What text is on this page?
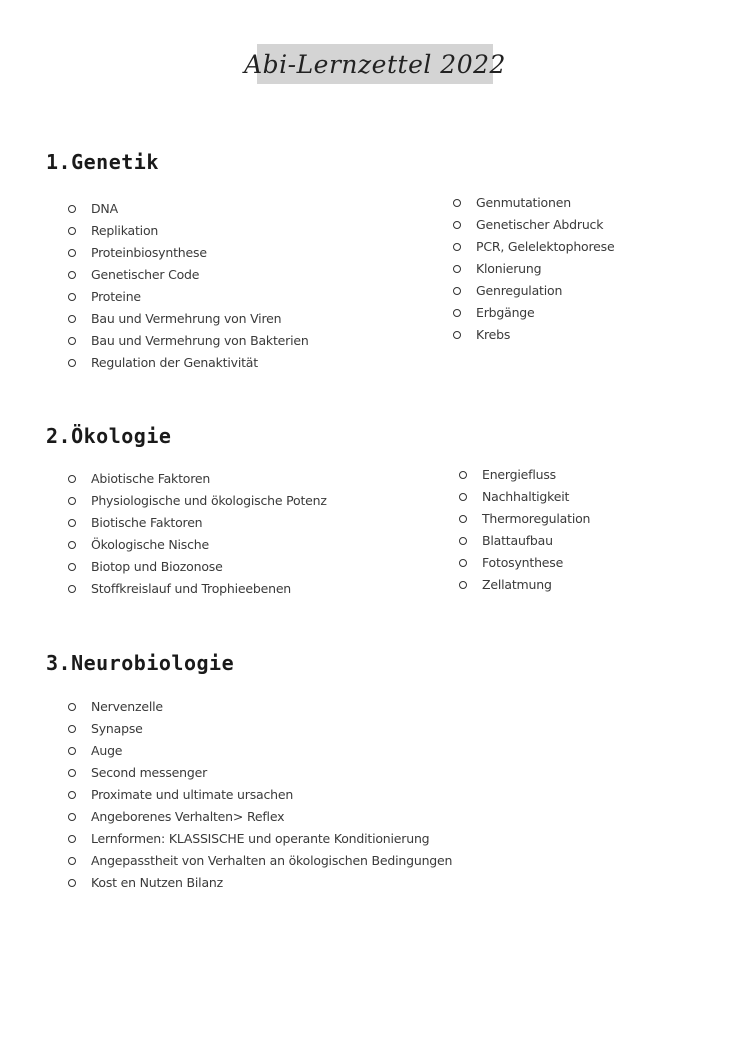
Abi-Lernzettel 2022
1.Genetik
DNA
Replikation
Proteinbiosynthese
Genetischer Code
Proteine
Bau und Vermehrung von Viren
Bau und Vermehrung von Bakterien
Regulation der Genaktivität
Genmutationen
Genetischer Abdruck
PCR, Gelelektophorese
Klonierung
Genregulation
Erbgänge
Krebs
2.Ökologie
Abiotische Faktoren
Physiologische und ökologische Potenz
Biotische Faktoren
Ökologische Nische
Biotop und Biozonose
Stoffkreislauf und Trophieebenen
Energiefluss
Nachhaltigkeit
Thermoregulation
Blattaufbau
Fotosynthese
Zellatmung
3.Neurobiologie
Nervenzelle
Synapse
Auge
Second messenger
Proximate und ultimate ursachen
Angeborenes Verhalten> Reflex
Lernformen: KLASSISCHE und operante Konditionierung
Angepasstheit von Verhalten an ökologischen Bedingungen
Kost en Nutzen Bilanz
